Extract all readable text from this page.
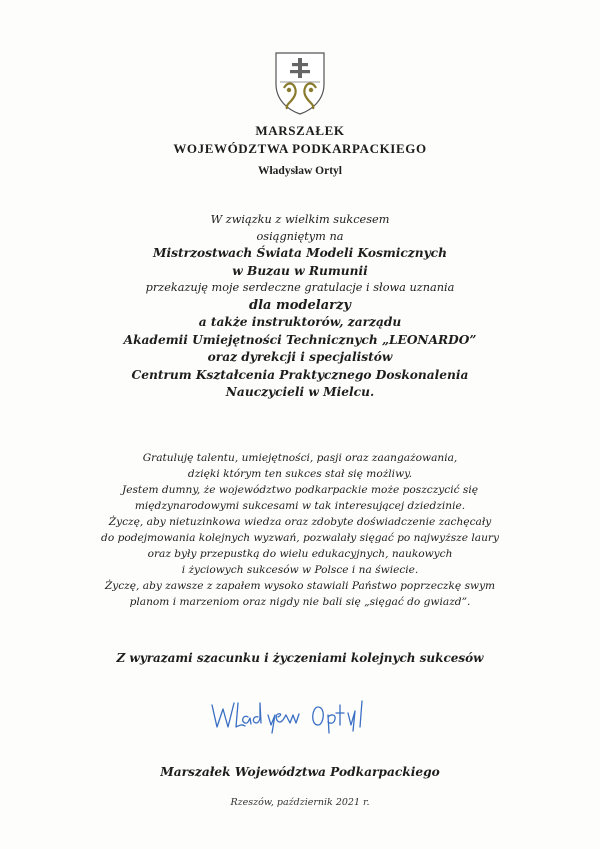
MARSZAŁEK
WOJEWÓDZTWA PODKARPACKIEGO
Władysław Ortyl
W związku z wielkim sukcesem
osiągniętym na
Mistrzostwach Świata Modeli Kosmicznych
w Buzau w Rumunii
przekazuję moje serdeczne gratulacje i słowa uznania
dla modelarzy
a także instruktorów, zarządu
Akademii Umiejętności Technicznych „LEONARDO”
oraz dyrekcji i specjalistów
Centrum Kształcenia Praktycznego Doskonalenia
Nauczycieli w Mielcu.
Gratuluję talentu, umiejętności, pasji oraz zaangażowania,
dzięki którym ten sukces stał się możliwy.
Jestem dumny, że województwo podkarpackie może poszczycić się
międzynarodowymi sukcesami w tak interesującej dziedzinie.
Życzę, aby nietuzinkowa wiedza oraz zdobyte doświadczenie zachęcały
do podejmowania kolejnych wyzwań, pozwalały sięgać po najwyższe laury
oraz były przepustką do wielu edukacyjnych, naukowych
i życiowych sukcesów w Polsce i na świecie.
Życzę, aby zawsze z zapałem wysoko stawiali Państwo poprzeczkę swym
planom i marzeniom oraz nigdy nie bali się „sięgać do gwiazd”.
Z wyrazami szacunku i życzeniami kolejnych sukcesów
Marszałek Województwa Podkarpackiego
Rzeszów, październik 2021 r.
